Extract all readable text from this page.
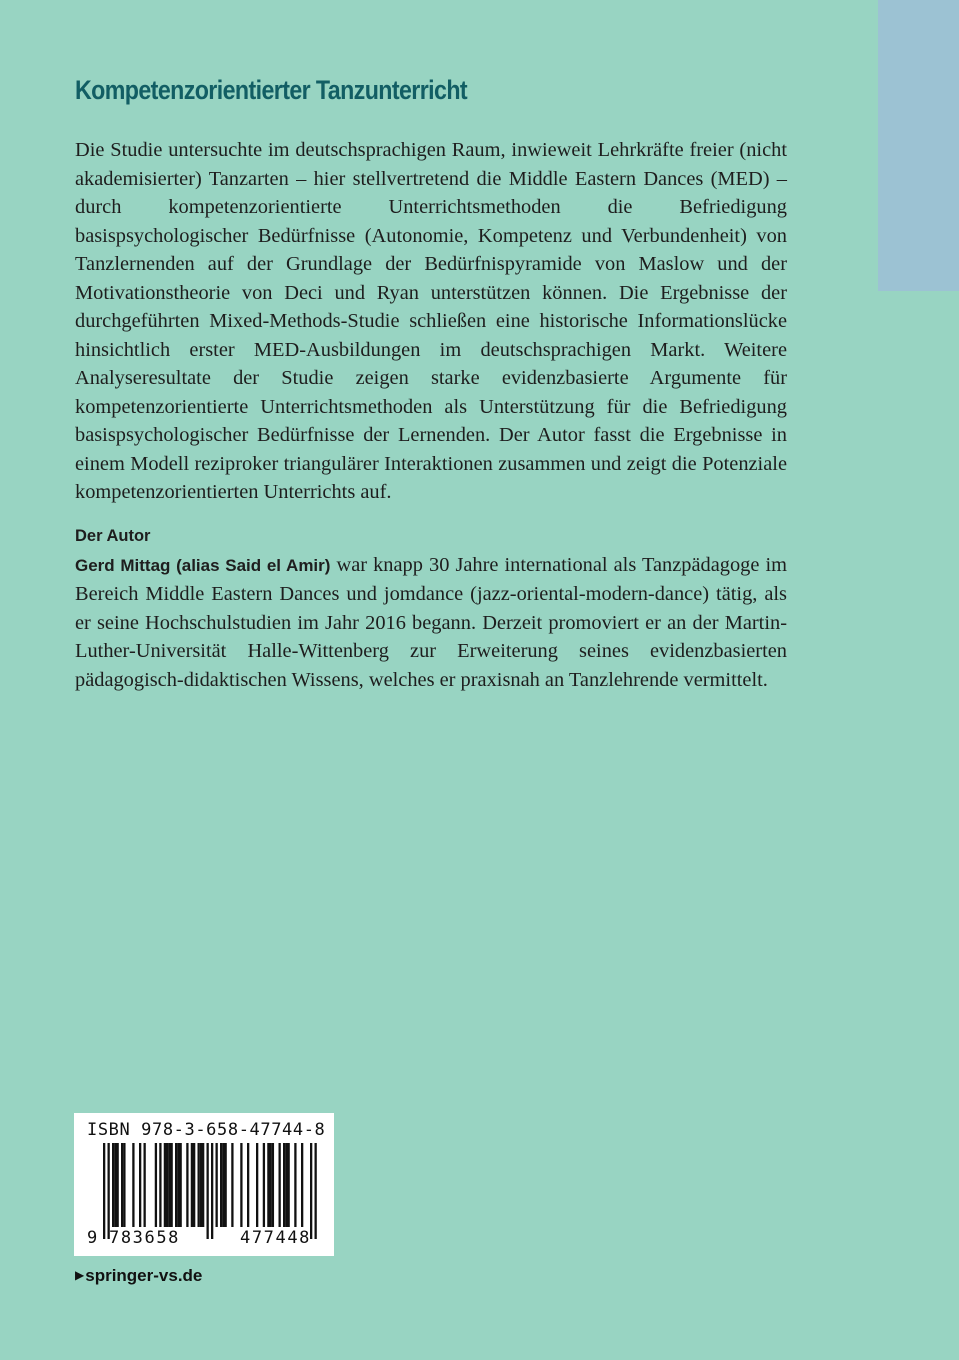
Kompetenzorientierter Tanzunterricht

Die Studie untersuchte im deutschsprachigen Raum, inwieweit Lehrkräfte freier (nicht akademisierter) Tanzarten – hier stellvertretend die Middle Eastern Dances (MED) – durch kompetenzorientierte Unterrichtsmethoden die Befriedigung basispsychologischer Bedürfnisse (Autonomie, Kompetenz und Verbundenheit) von Tanzlernenden auf der Grundlage der Bedürfnispyramide von Maslow und der Motivationstheorie von Deci und Ryan unterstützen können. Die Ergebnisse der durchgeführten Mixed-Methods-Studie schließen eine historische Informationslücke hinsichtlich erster MED-Ausbildungen im deutschsprachigen Markt. Weitere Analyseresultate der Studie zeigen starke evidenzbasierte Argumente für kompetenzorientierte Unterrichtsmethoden als Unterstützung für die Befriedigung basispsychologischer Bedürfnisse der Lernenden. Der Autor fasst die Ergebnisse in einem Modell reziproker triangulärer Interaktionen zusammen und zeigt die Potenziale kompetenzorientierten Unterrichts auf.

Der Autor

Gerd Mittag (alias Said el Amir) war knapp 30 Jahre international als Tanzpädagoge im Bereich Middle Eastern Dances und jomdance (jazz-oriental-modern-dance) tätig, als er seine Hochschulstudien im Jahr 2016 begann. Derzeit promoviert er an der Martin-Luther-Universität Halle-Wittenberg zur Erweiterung seines evidenzbasierten pädagogisch-didaktischen Wissens, welches er praxisnah an Tanzlehrende vermittelt.

ISBN 978-3-658-47744-8
9 783658	477448
▶springer-vs.de
